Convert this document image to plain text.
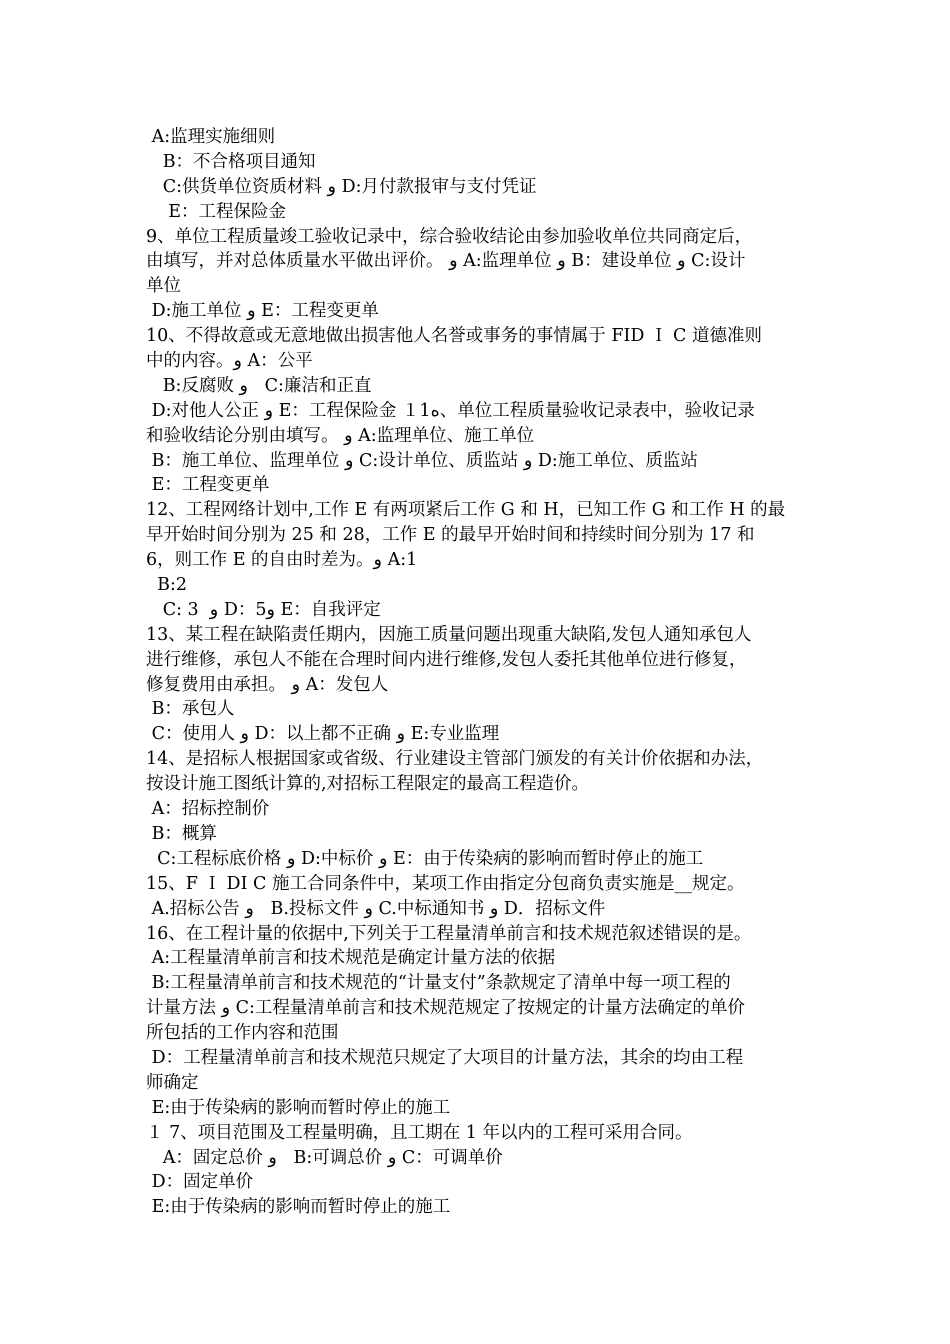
A:监理实施细则
B：不合格项目通知
C:供货单位资质材料 و D:月付款报审与支付凭证
E：工程保险金
9、单位工程质量竣工验收记录中，综合验收结论由参加验收单位共同商定后，
由填写，并对总体质量水平做出评价。 و A:监理单位 و B：建设单位 و C:设计
单位
D:施工单位 و E：工程变更单
10、不得故意或无意地做出损害他人名誉或事务的事情属于 FID Ｉ C 道德准则
中的内容。و A：公平
B:反腐败 و   C:廉洁和正直
D:对他人公正 و E：工程保险金 １1ه、单位工程质量验收记录表中，验收记录
和验收结论分别由填写。 و A:监理单位、施工单位
B：施工单位、监理单位 و C:设计单位、质监站 و D:施工单位、质监站
E：工程变更单
12、工程网络计划中,工作 E 有两项紧后工作 G 和 H，已知工作 G 和工作 H 的最
早开始时间分别为 25 和 28，工作 E 的最早开始时间和持续时间分别为 17 和
6，则工作 E 的自由时差为。و A:1
B:2
C: 3  و D：5و E：自我评定
13、某工程在缺陷责任期内，因施工质量问题出现重大缺陷,发包人通知承包人
进行维修，承包人不能在合理时间内进行维修,发包人委托其他单位进行修复，
修复费用由承担。 و A：发包人
B：承包人
C：使用人 و D：以上都不正确 و E:专业监理
14、是招标人根据国家或省级、行业建设主管部门颁发的有关计价依据和办法，
按设计施工图纸计算的,对招标工程限定的最高工程造价。
A：招标控制价
B：概算
C:工程标底价格 و D:中标价 و E：由于传染病的影响而暂时停止的施工
15、F Ｉ DI C 施工合同条件中，某项工作由指定分包商负责实施是__规定。
A.招标公告 و   B.投标文件 و C.中标通知书 و D．招标文件
16、在工程计量的依据中,下列关于工程量清单前言和技术规范叙述错误的是。
A:工程量清单前言和技术规范是确定计量方法的依据
B:工程量清单前言和技术规范的“计量支付”条款规定了清单中每一项工程的
计量方法 و C:工程量清单前言和技术规范规定了按规定的计量方法确定的单价
所包括的工作内容和范围
D：工程量清单前言和技术规范只规定了大项目的计量方法，其余的均由工程
师确定
E:由于传染病的影响而暂时停止的施工
１ 7、项目范围及工程量明确，且工期在 1 年以内的工程可采用合同。
A：固定总价 و   B:可调总价 و C：可调单价
D：固定单价
E:由于传染病的影响而暂时停止的施工
